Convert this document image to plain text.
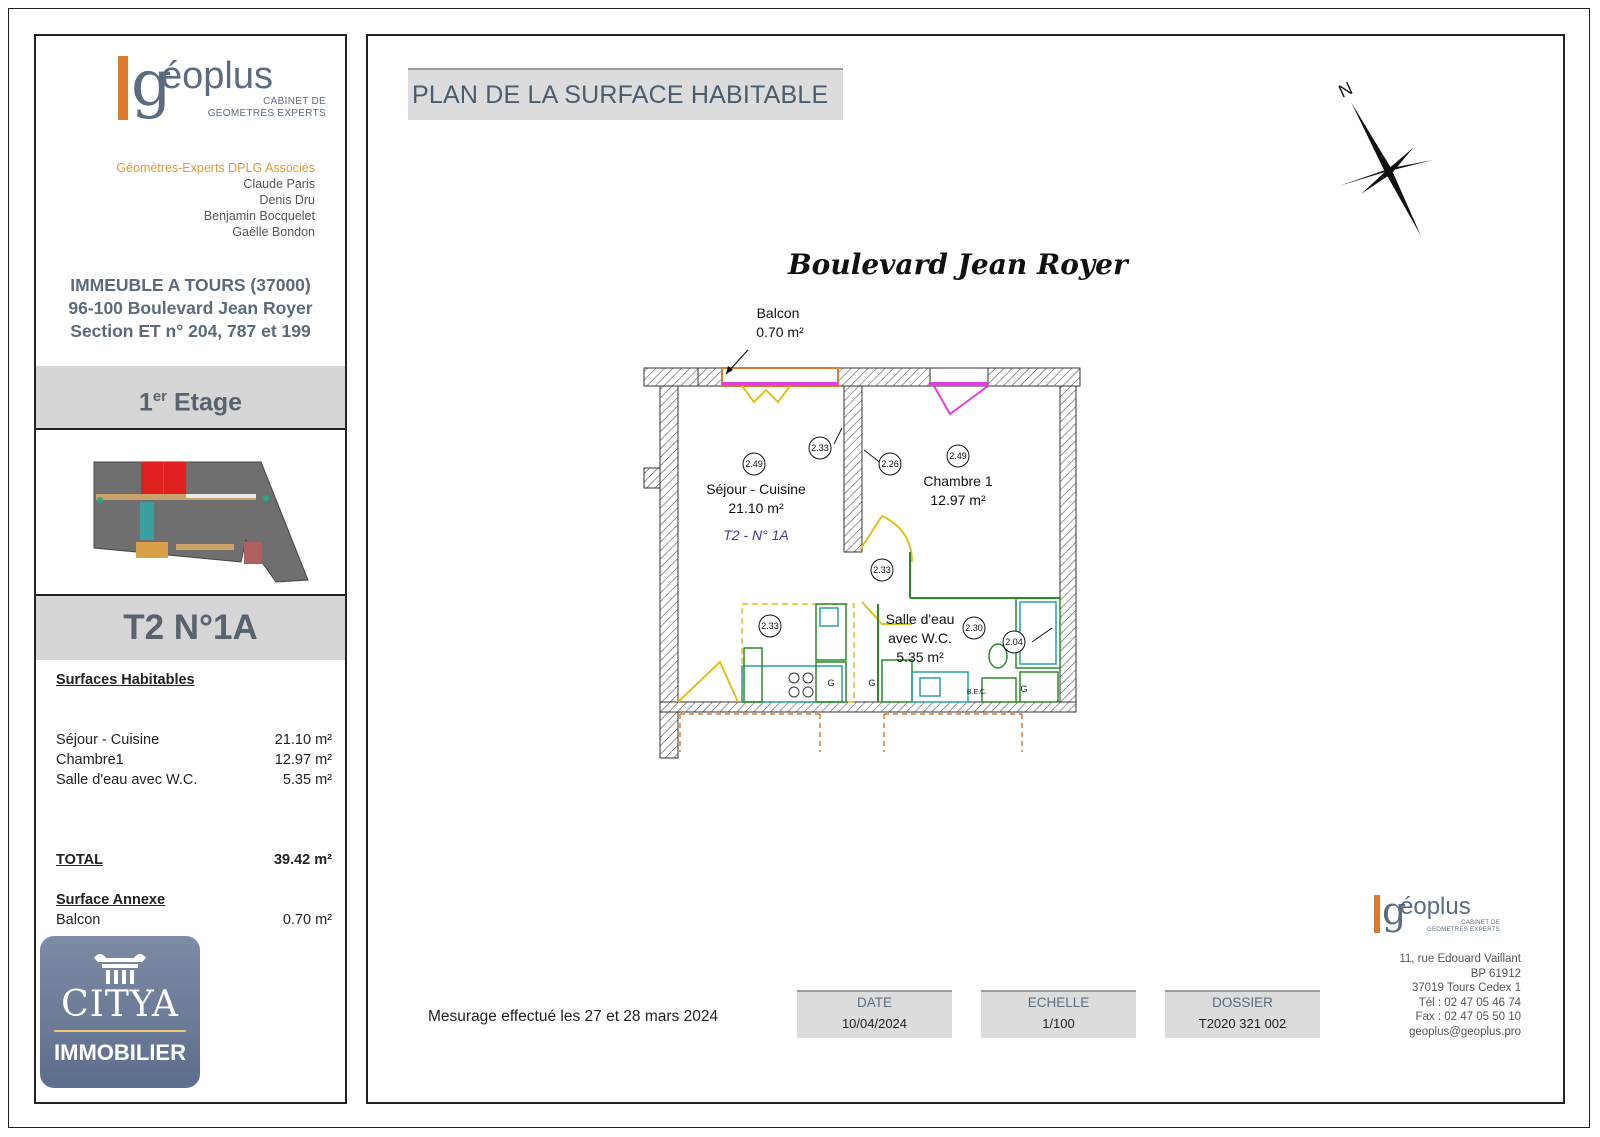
g
éoplus
CABINET DE
GEOMETRES EXPERTS
Géomètres-Experts DPLG Associés
Claude Paris
Denis Dru
Benjamin Bocquelet
Gaëlle Bondon
IMMEUBLE A TOURS (37000)
96-100 Boulevard Jean Royer
Section ET n° 204, 787 et 199
1er Etage
T2 N°1A
Surfaces Habitables
Séjour - Cuisine	21.10 m²
Chambre1	12.97 m²
Salle d'eau avec W.C.	5.35 m²
TOTAL	39.42 m²
Surface Annexe
Balcon	0.70 m²
CITYA
IMMOBILIER
PLAN DE LA SURFACE HABITABLE	N
Boulevard Jean Royer
Balcon
0.70 m²
Séjour - Cuisine
21.10 m²
T2 - N° 1A
Chambre 1
12.97 m²
Salle d'eau
avec W.C.
5.35 m²
2.49
2.33
2.26
2.49
2.33
2.33	2.30
2.04
G	G
G
B.E.C.
Mesurage effectué les 27 et 28 mars 2024
DATE
10/04/2024
ECHELLE
1/100
DOSSIER
T2020 321 002
g
éoplus
CABINET DE
GEOMETRES EXPERTS
11, rue Edouard Vaillant
BP 61912
37019 Tours Cedex 1
Tél : 02 47 05 46 74
Fax : 02 47 05 50 10
geoplus@geoplus.pro
